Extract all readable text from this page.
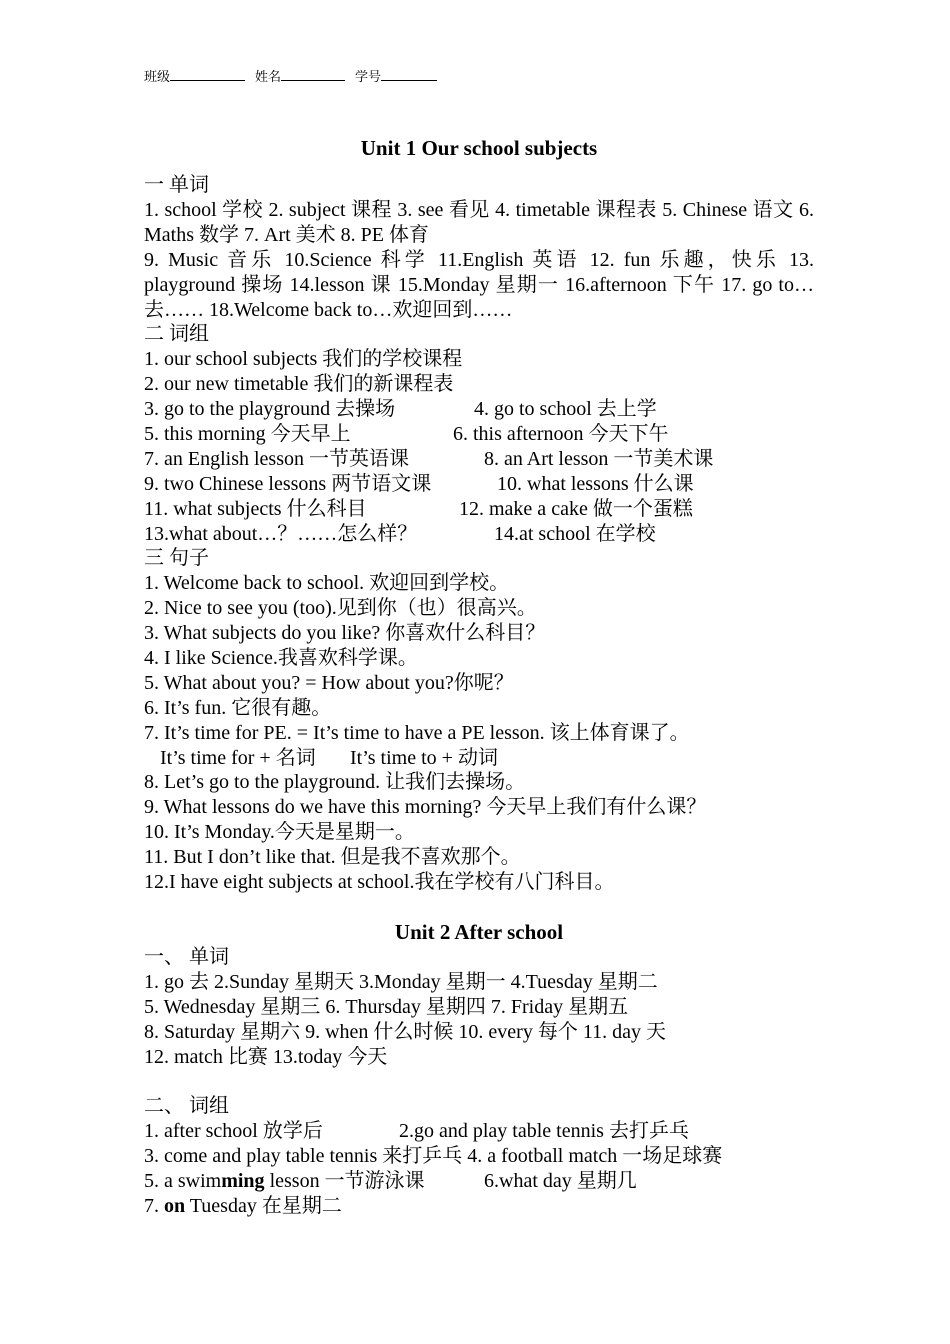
班级	姓名	学号
Unit 1 Our school subjects
一 单词
1. school 学校 2. subject 课程 3. see 看见 4. timetable 课程表 5. Chinese 语文 6. Maths 数学 7. Art 美术 8. PE 体育
9. Music 音乐 10.Science 科学 11.English 英语 12. fun 乐趣，快乐 13. playground 操场 14.lesson 课 15.Monday 星期一 16.afternoon 下午 17. go to… 去…… 18.Welcome back to…欢迎回到……
二 词组
1. our school subjects 我们的学校课程
2. our new timetable 我们的新课程表
3. go to the playground 去操场	4. go to school 去上学
5. this morning 今天早上	6. this afternoon 今天下午
7. an English lesson 一节英语课	8. an Art lesson 一节美术课
9. two Chinese lessons 两节语文课	10. what lessons 什么课
11. what subjects 什么科目	12. make a cake 做一个蛋糕
13.what about…？……怎么样？	14.at school 在学校
三 句子
1. Welcome back to school. 欢迎回到学校。
2. Nice to see you (too).见到你（也）很高兴。
3. What subjects do you like? 你喜欢什么科目？
4. I like Science.我喜欢科学课。
5. What about you? = How about you?你呢？
6. It’s fun. 它很有趣。
7. It’s time for PE. = It’s time to have a PE lesson. 该上体育课了。
It’s time for + 名词 It’s time to + 动词
8. Let’s go to the playground. 让我们去操场。
9. What lessons do we have this morning? 今天早上我们有什么课？
10. It’s Monday.今天是星期一。
11. But I don’t like that. 但是我不喜欢那个。
12.I have eight subjects at school.我在学校有八门科目。
Unit 2 After school
一、 单词
1. go 去 2.Sunday 星期天 3.Monday 星期一 4.Tuesday 星期二
5. Wednesday 星期三 6. Thursday 星期四 7. Friday 星期五
8. Saturday 星期六 9. when 什么时候 10. every 每个 11. day 天
12. match 比赛 13.today 今天
二、 词组
1. after school 放学后	2.go and play table tennis 去打乒乓
3. come and play table tennis 来打乒乓 4. a football match 一场足球赛
5. a swimming lesson 一节游泳课	6.what day 星期几
7. on Tuesday 在星期二
